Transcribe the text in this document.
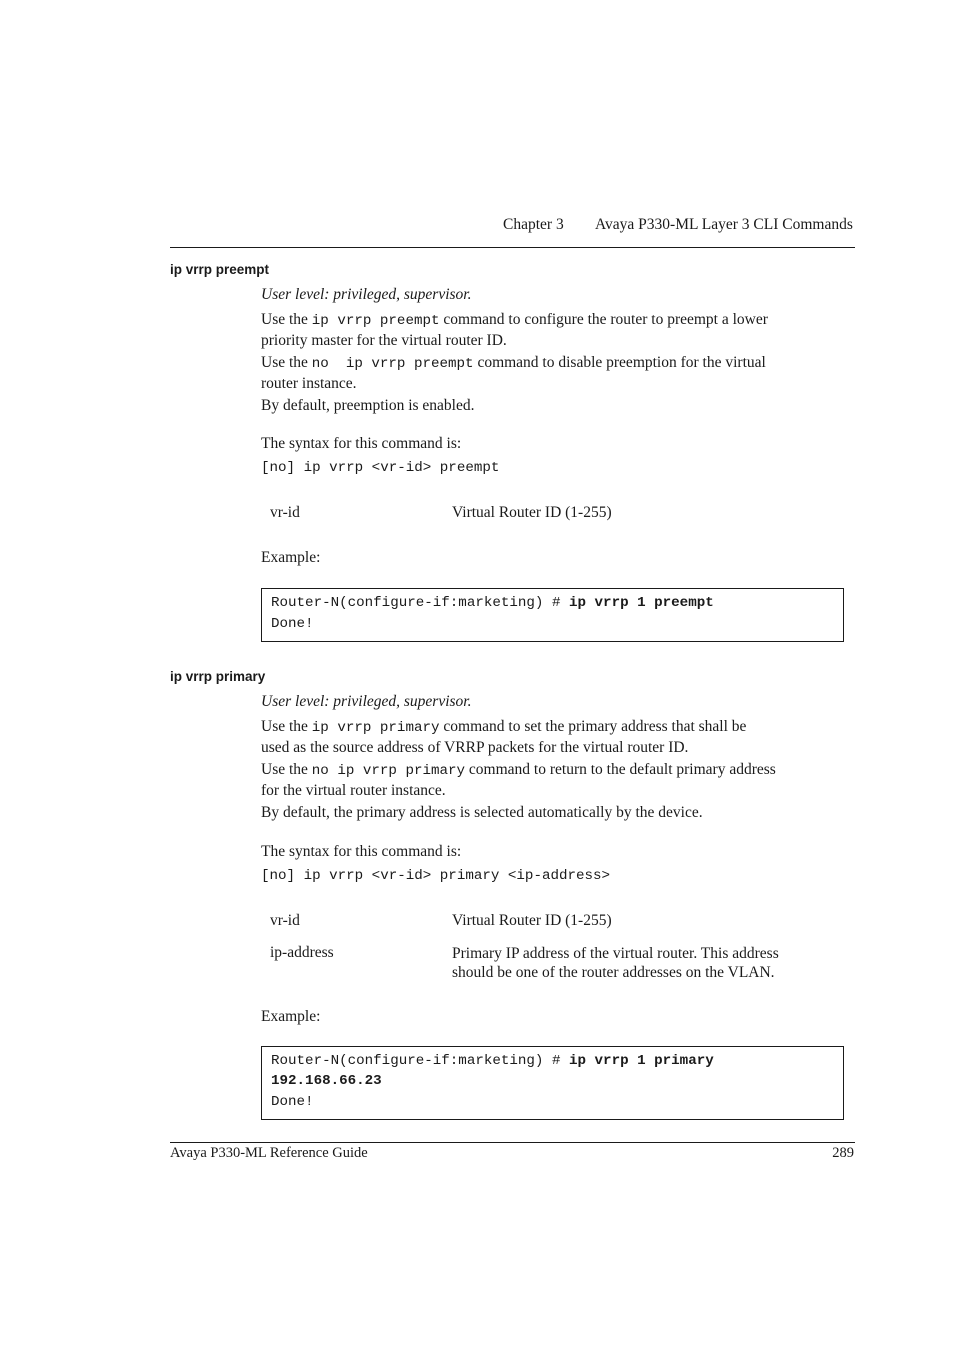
Chapter 3 Avaya P330-ML Layer 3 CLI Commands
ip vrrp preempt
User level: privileged, supervisor.
Use the ip vrrp preempt command to configure the router to preempt a lower
priority master for the virtual router ID.
Use the no  ip vrrp preempt command to disable preemption for the virtual
router instance.
By default, preemption is enabled.
The syntax for this command is:
[no] ip vrrp <vr-id> preempt
vr-id	Virtual Router ID (1-255)
Example:
Router-N(configure-if:marketing) # ip vrrp 1 preempt
Done!
ip vrrp primary
User level: privileged, supervisor.
Use the ip vrrp primary command to set the primary address that shall be
used as the source address of VRRP packets for the virtual router ID.
Use the no ip vrrp primary command to return to the default primary address
for the virtual router instance.
By default, the primary address is selected automatically by the device.
The syntax for this command is:
[no] ip vrrp <vr-id> primary <ip-address>
vr-id	Virtual Router ID (1-255)
ip-address	Primary IP address of the virtual router. This address
should be one of the router addresses on the VLAN.
Example:
Router-N(configure-if:marketing) # ip vrrp 1 primary
192.168.66.23
Done!
Avaya P330-ML Reference Guide	289
